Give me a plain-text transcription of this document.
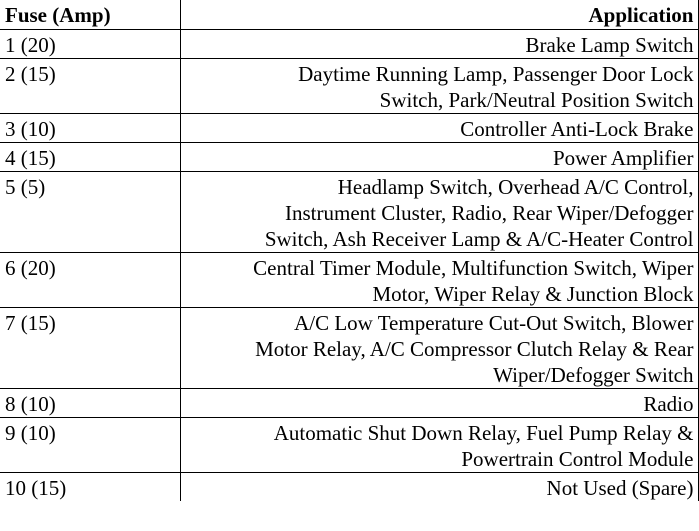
Fuse (Amp)	Application
1 (20)	Brake Lamp Switch

2 (15)	Daytime Running Lamp, Passenger Door Lock
Switch, Park/Neutral Position Switch

3 (10)	Controller Anti-Lock Brake

4 (15)	Power Amplifier

5 (5)	Headlamp Switch, Overhead A/C Control,
Instrument Cluster, Radio, Rear Wiper/Defogger
Switch, Ash Receiver Lamp & A/C-Heater Control

6 (20)	Central Timer Module, Multifunction Switch, Wiper
Motor, Wiper Relay & Junction Block

7 (15)	A/C Low Temperature Cut-Out Switch, Blower
Motor Relay, A/C Compressor Clutch Relay & Rear
Wiper/Defogger Switch

8 (10)	Radio

9 (10)	Automatic Shut Down Relay, Fuel Pump Relay &
Powertrain Control Module

10 (15)	Not Used (Spare)
